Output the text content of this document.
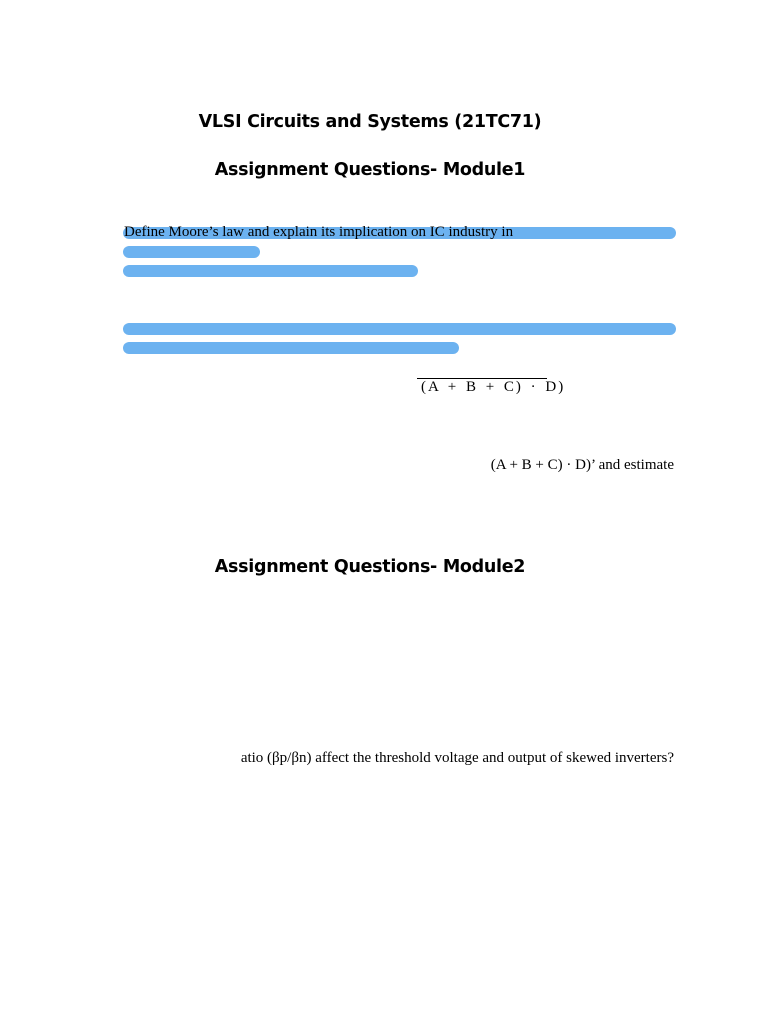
VLSI Circuits and Systems (21TC71)
Assignment Questions- Module1
Define Moore’s law and explain its implication on IC industry in
(A + B + C) · D)
(A + B + C) · D)’ and estimate
Assignment Questions- Module2
atio (βp/βn) affect the threshold voltage and output of skewed inverters?
